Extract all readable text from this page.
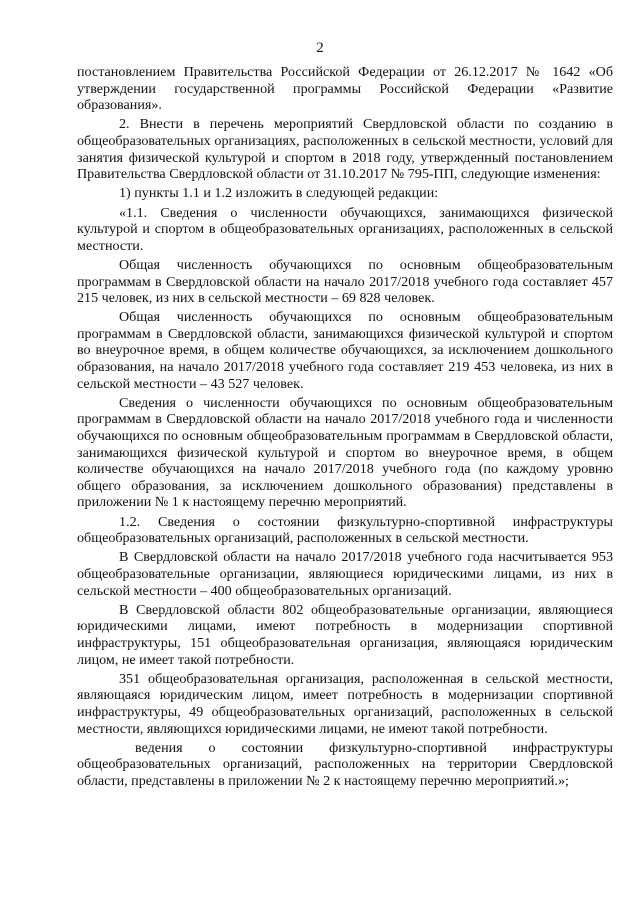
2

постановлением Правительства Российской Федерации от 26.12.2017 № 1642 «Об утверждении государственной программы Российской Федерации «Развитие образования».

2. Внести в перечень мероприятий Свердловской области по созданию в общеобразовательных организациях, расположенных в сельской местности, условий для занятия физической культурой и спортом в 2018 году, утвержденный постановлением Правительства Свердловской области от 31.10.2017 № 795-ПП, следующие изменения:

1) пункты 1.1 и 1.2 изложить в следующей редакции:

«1.1. Сведения о численности обучающихся, занимающихся физической культурой и спортом в общеобразовательных организациях, расположенных в сельской местности.

Общая численность обучающихся по основным общеобразовательным программам в Свердловской области на начало 2017/2018 учебного года составляет 457 215 человек, из них в сельской местности – 69 828 человек.

Общая численность обучающихся по основным общеобразовательным программам в Свердловской области, занимающихся физической культурой и спортом во внеурочное время, в общем количестве обучающихся, за исключением дошкольного образования, на начало 2017/2018 учебного года составляет 219 453 человека, из них в сельской местности – 43 527 человек.

Сведения о численности обучающихся по основным общеобразовательным программам в Свердловской области на начало 2017/2018 учебного года и численности обучающихся по основным общеобразовательным программам в Свердловской области, занимающихся физической культурой и спортом во внеурочное время, в общем количестве обучающихся на начало 2017/2018 учебного года (по каждому уровню общего образования, за исключением дошкольного образования) представлены в приложении № 1 к настоящему перечню мероприятий.

1.2. Сведения о состоянии физкультурно-спортивной инфраструктуры общеобразовательных организаций, расположенных в сельской местности.

В Свердловской области на начало 2017/2018 учебного года насчитывается 953 общеобразовательные организации, являющиеся юридическими лицами, из них в сельской местности – 400 общеобразовательных организаций.

В Свердловской области 802 общеобразовательные организации, являющиеся юридическими лицами, имеют потребность в модернизации спортивной инфраструктуры, 151 общеобразовательная организация, являющаяся юридическим лицом, не имеет такой потребности.

351 общеобразовательная организация, расположенная в сельской местности, являющаяся юридическим лицом, имеет потребность в модернизации спортивной инфраструктуры, 49 общеобразовательных организаций, расположенных в сельской местности, являющихся юридическими лицами, не имеют такой потребности.

ведения о состоянии физкультурно-спортивной инфраструктуры общеобразовательных организаций, расположенных на территории Свердловской области, представлены в приложении № 2 к настоящему перечню мероприятий.»;
